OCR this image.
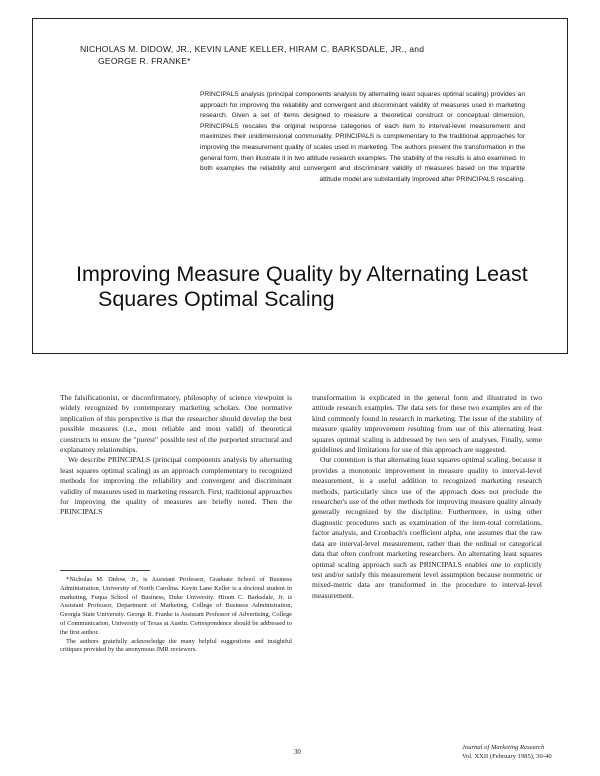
NICHOLAS M. DIDOW, JR., KEVIN LANE KELLER, HIRAM C. BARKSDALE, JR., and
GEORGE R. FRANKE*
PRINCIPALS analysis (principal components analysis by alternating least squares optimal scaling) provides an approach for improving the reliability and convergent and discriminant validity of measures used in marketing research. Given a set of items designed to measure a theoretical construct or conceptual dimension, PRINCIPALS rescales the original response categories of each item to interval-level measurement and maximizes their unidimensional communality. PRINCIPALS is complementary to the traditional approaches for improving the measurement quality of scales used in marketing. The authors present the transformation in the general form, then illustrate it in two attitude research examples. The stability of the results is also examined. In both examples the reliability and convergent and discriminant validity of measures based on the tripartite attitude model are substantially improved after PRINCIPALS rescaling.
Improving Measure Quality by Alternating Least
Squares Optimal Scaling

The falsificationist, or disconfirmatory, philosophy of science viewpoint is widely recognized by contemporary marketing scholars. One normative implication of this perspective is that the researcher should develop the best possible measures (i.e., most reliable and most valid) of theoretical constructs to ensure the "purest" possible test of the purported structural and explanatory relationships.

We describe PRINCIPALS (principal components analysis by alternating least squares optimal scaling) as an approach complementary to recognized methods for improving the reliability and convergent and discriminant validity of measures used in marketing research. First, traditional approaches for improving the quality of measures are briefly noted. Then the PRINCIPALS

transformation is explicated in the general form and illustrated in two attitude research examples. The data sets for these two examples are of the kind commonly found in research in marketing. The issue of the stability of measure quality improvement resulting from use of this alternating least squares optimal scaling is addressed by two sets of analyses. Finally, some guidelines and limitations for use of this approach are suggested.

Our contention is that alternating least squares optimal scaling, because it provides a monotonic improvement in measure quality to interval-level measurement, is a useful addition to recognized marketing research methods, particularly since use of the approach does not preclude the researcher's use of the other methods for improving measure quality already generally recognized by the discipline. Furthermore, in using other diagnostic procedures such as examination of the item-total correlations, factor analysis, and Cronbach's coefficient alpha, one assumes that the raw data are interval-level measurement, rather than the ordinal or categorical data that often confront marketing researchers. An alternating least squares optimal scaling approach such as PRINCIPALS enables one to explicitly test and/or satisfy this measurement level assumption because nonmetric or mixed-metric data are transformed in the procedure to interval-level measurement.

*Nicholas M. Didow, Jr., is Assistant Professor, Graduate School of Business Administration, University of North Carolina. Kevin Lane Keller is a doctoral student in marketing, Fuqua School of Business, Duke University. Hiram C. Barksdale, Jr. is Assistant Professor, Department of Marketing, College of Business Administration, Georgia State University. George R. Franke is Assistant Professor of Advertising, College of Communication, University of Texas at Austin. Correspondence should be addressed to the first author.

The authors gratefully acknowledge the many helpful suggestions and insightful critiques provided by the anonymous JMR reviewers.

30
Journal of Marketing Research
Vol. XXII (February 1985), 30-40
